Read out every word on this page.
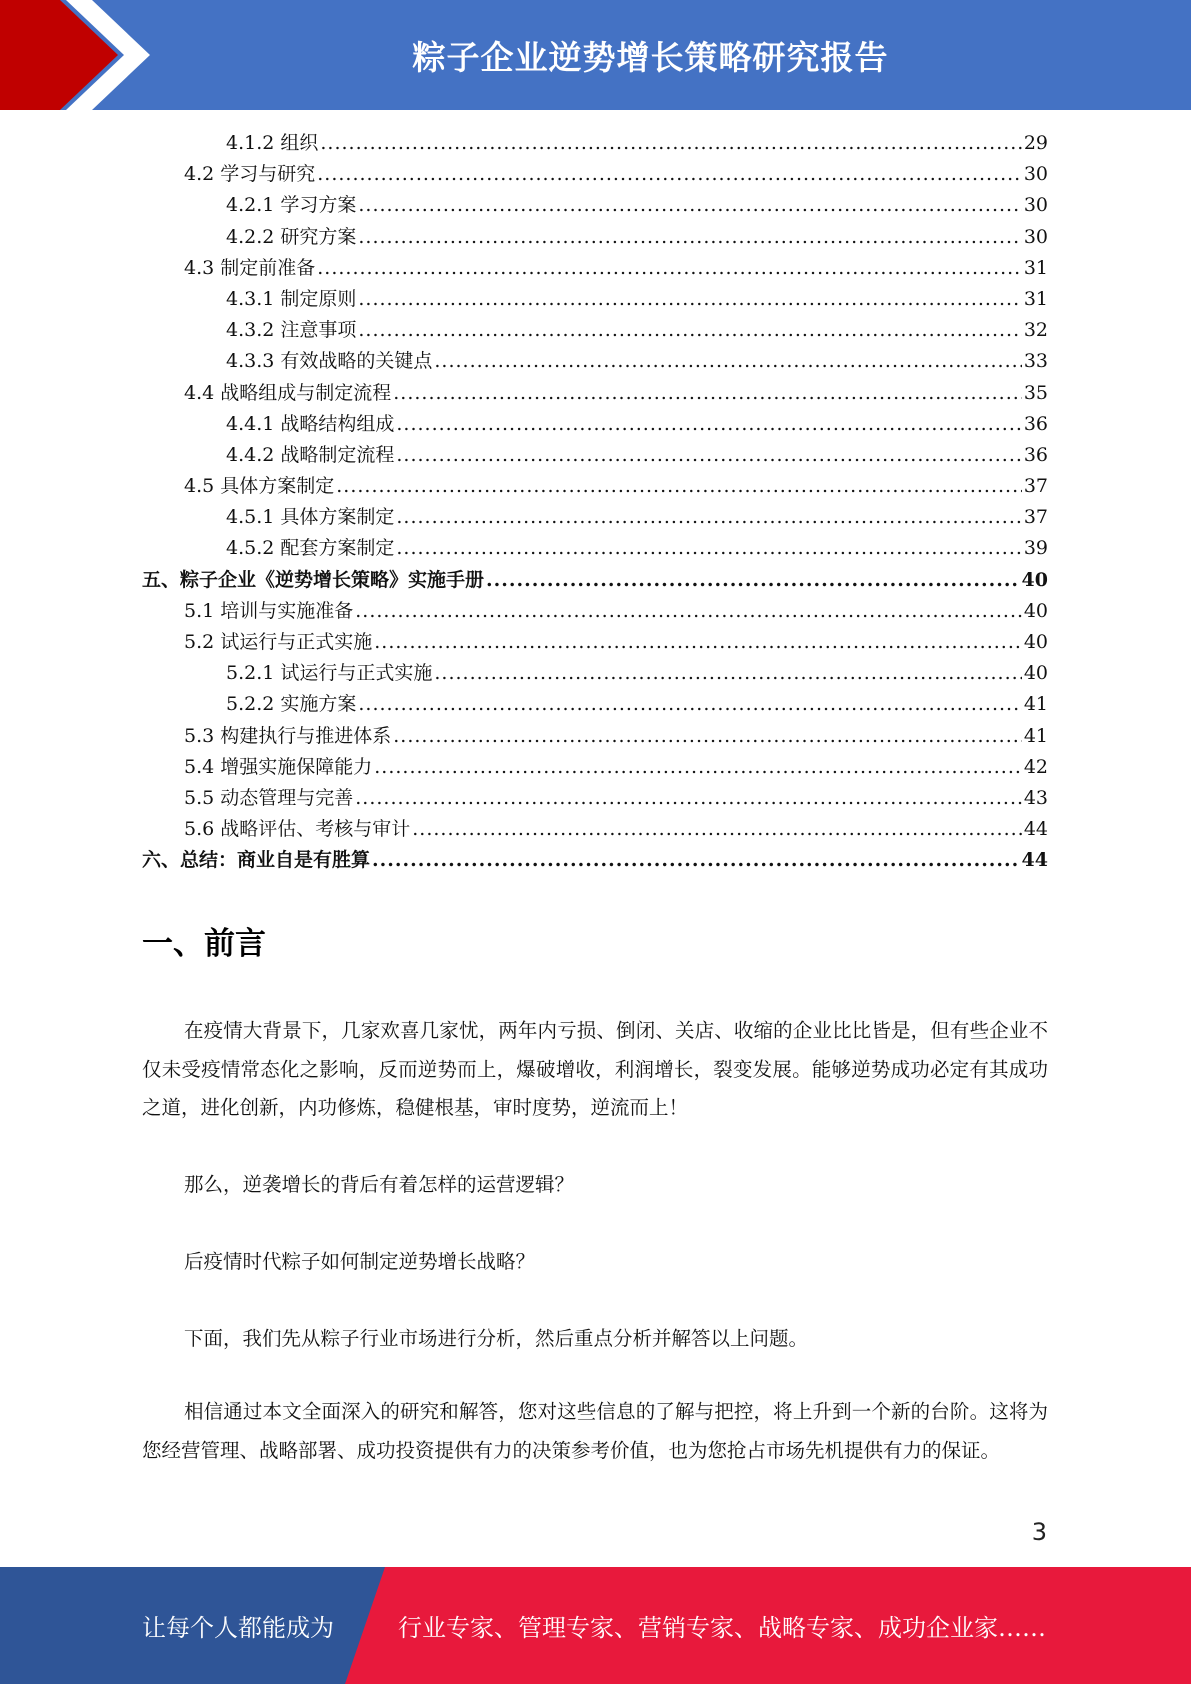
粽子企业逆势增长策略研究报告
4.1.2 组织 .....	29
4.2 学习与研究 .....	30
4.2.1 学习方案 .....	30
4.2.2 研究方案 .....	30
4.3 制定前准备 .....	31
4.3.1 制定原则 .....	31
4.3.2 注意事项 .....	32
4.3.3 有效战略的关键点 .....	33
4.4 战略组成与制定流程 .....	35
4.4.1 战略结构组成 .....	36
4.4.2 战略制定流程 .....	36
4.5 具体方案制定 .....	37
4.5.1 具体方案制定 .....	37
4.5.2 配套方案制定 .....	39
五、粽子企业《逆势增长策略》实施手册 .....	40
5.1 培训与实施准备 .....	40
5.2 试运行与正式实施 .....	40
5.2.1 试运行与正式实施 .....	40
5.2.2 实施方案 .....	41
5.3 构建执行与推进体系 .....	41
5.4 增强实施保障能力 .....	42
5.5 动态管理与完善 .....	43
5.6 战略评估、考核与审计 .....	44
六、总结：商业自是有胜算 .....	44
一、前言
在疫情大背景下，几家欢喜几家忧，两年内亏损、倒闭、关店、收缩的企业比比皆是，但有些企业不仅未受疫情常态化之影响，反而逆势而上，爆破增收，利润增长，裂变发展。能够逆势成功必定有其成功之道，进化创新，内功修炼，稳健根基，审时度势，逆流而上！
那么，逆袭增长的背后有着怎样的运营逻辑？
后疫情时代粽子如何制定逆势增长战略？
下面，我们先从粽子行业市场进行分析，然后重点分析并解答以上问题。
相信通过本文全面深入的研究和解答，您对这些信息的了解与把控，将上升到一个新的台阶。这将为您经营管理、战略部署、成功投资提供有力的决策参考价值，也为您抢占市场先机提供有力的保证。
3
让每个人都能成为	行业专家、管理专家、营销专家、战略专家、成功企业家……
